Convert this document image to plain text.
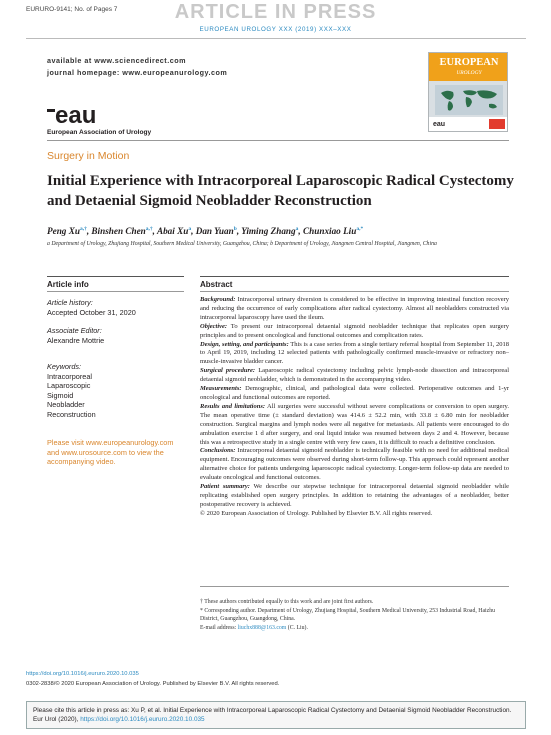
EURURO-9141; No. of Pages 7	ARTICLE IN PRESS
EUROPEAN UROLOGY XXX (2019) XXX–XXX
available at www.sciencedirect.com
journal homepage: www.europeanurology.com
eau
European Association of Urology
EUROPEAN
UROLOGY
eau
Surgery in Motion
Initial Experience with Intracorporeal Laparoscopic Radical Cystectomy and Detaenial Sigmoid Neobladder Reconstruction
Peng $Xu^{a,\dagger}$, Binshen Chen$^{a,\dagger}$, Abai Xu$^a$, Dan Yuan$^b$, Yiming Zhang$^a$, Chunxiao Liu$^{a,*}$
a Department of Urology, Zhujiang Hospital, Southern Medical University, Guangzhou, China; b Department of Urology, Jiangmen Central Hospital, Jiangmen, China
Article info	Abstract
Article history:
Accepted October 31, 2020
Associate Editor:
Alexandre Mottrie
Keywords:
Intracorporeal
Laparoscopic
Sigmoid
Neobladder
Reconstruction
Please visit www.europeanurology.com and www.urosource.com to view the accompanying video.

Background: Intracorporeal urinary diversion is considered to be effective in improving intestinal function recovery and reducing the occurrence of early complications after radical cystectomy. Almost all neobladders constructed via intracorporeal laparoscopy have used the ileum.

Objective: To present our intracorporeal detaenial sigmoid neobladder technique that replicates open surgery principles and to present oncological and functional outcomes and complication rates.

Design, setting, and participants: This is a case series from a single tertiary referral hospital from September 11, 2018 to April 19, 2019, including 12 selected patients with pathologically confirmed muscle-invasive or refractory non–muscle-invasive bladder cancer.

Surgical procedure: Laparoscopic radical cystectomy including pelvic lymph-node dissection and intracorporeal detaenial sigmoid neobladder, which is demonstrated in the accompanying video.

Measurements: Demographic, clinical, and pathological data were collected. Perioperative outcomes and 1-yr oncological and functional outcomes are reported.

Results and limitations: All surgeries were successful without severe complications or conversion to open surgery. The mean operative time (± standard deviation) was 414.6 ± 52.2 min, with 33.8 ± 6.80 min for neobladder construction. Surgical margins and lymph nodes were all negative for metastasis. All patients were encouraged to do ambulation exercise 1 d after surgery, and oral liquid intake was resumed between days 2 and 4. However, because this was a retrospective study in a single centre with very few cases, it is difficult to reach a definitive conclusion.

Conclusions: Intracorporeal detaenial sigmoid neobladder is technically feasible with no need for additional medical equipment. Encouraging outcomes were observed during short-term follow-up. This approach could represent another alternative choice for patients undergoing laparoscopic radical cystectomy. Longer-term follow-up data are needed to evaluate oncological and functional outcomes.

Patient summary: We describe our stepwise technique for intracorporeal detaenial sigmoid neobladder while replicating established open surgery principles. In addition to retaining the advantages of a neobladder, better postoperative recovery is achieved.

© 2020 European Association of Urology. Published by Elsevier B.V. All rights reserved.

† These authors contributed equally to this work and are joint first authors.
* Corresponding author. Department of Urology, Zhujiang Hospital, Southern Medical University, 253 Industrial Road, Haizhu District, Guangzhou, Guangdong, China.
E-mail address: liuchx888@163.com (C. Liu).
https://doi.org/10.1016/j.eururo.2020.10.035
0302-2838/© 2020 European Association of Urology. Published by Elsevier B.V. All rights reserved.
Please cite this article in press as: Xu P, et al. Initial Experience with Intracorporeal Laparoscopic Radical Cystectomy and Detaenial Sigmoid Neobladder Reconstruction. Eur Urol (2020), https://doi.org/10.1016/j.eururo.2020.10.035
